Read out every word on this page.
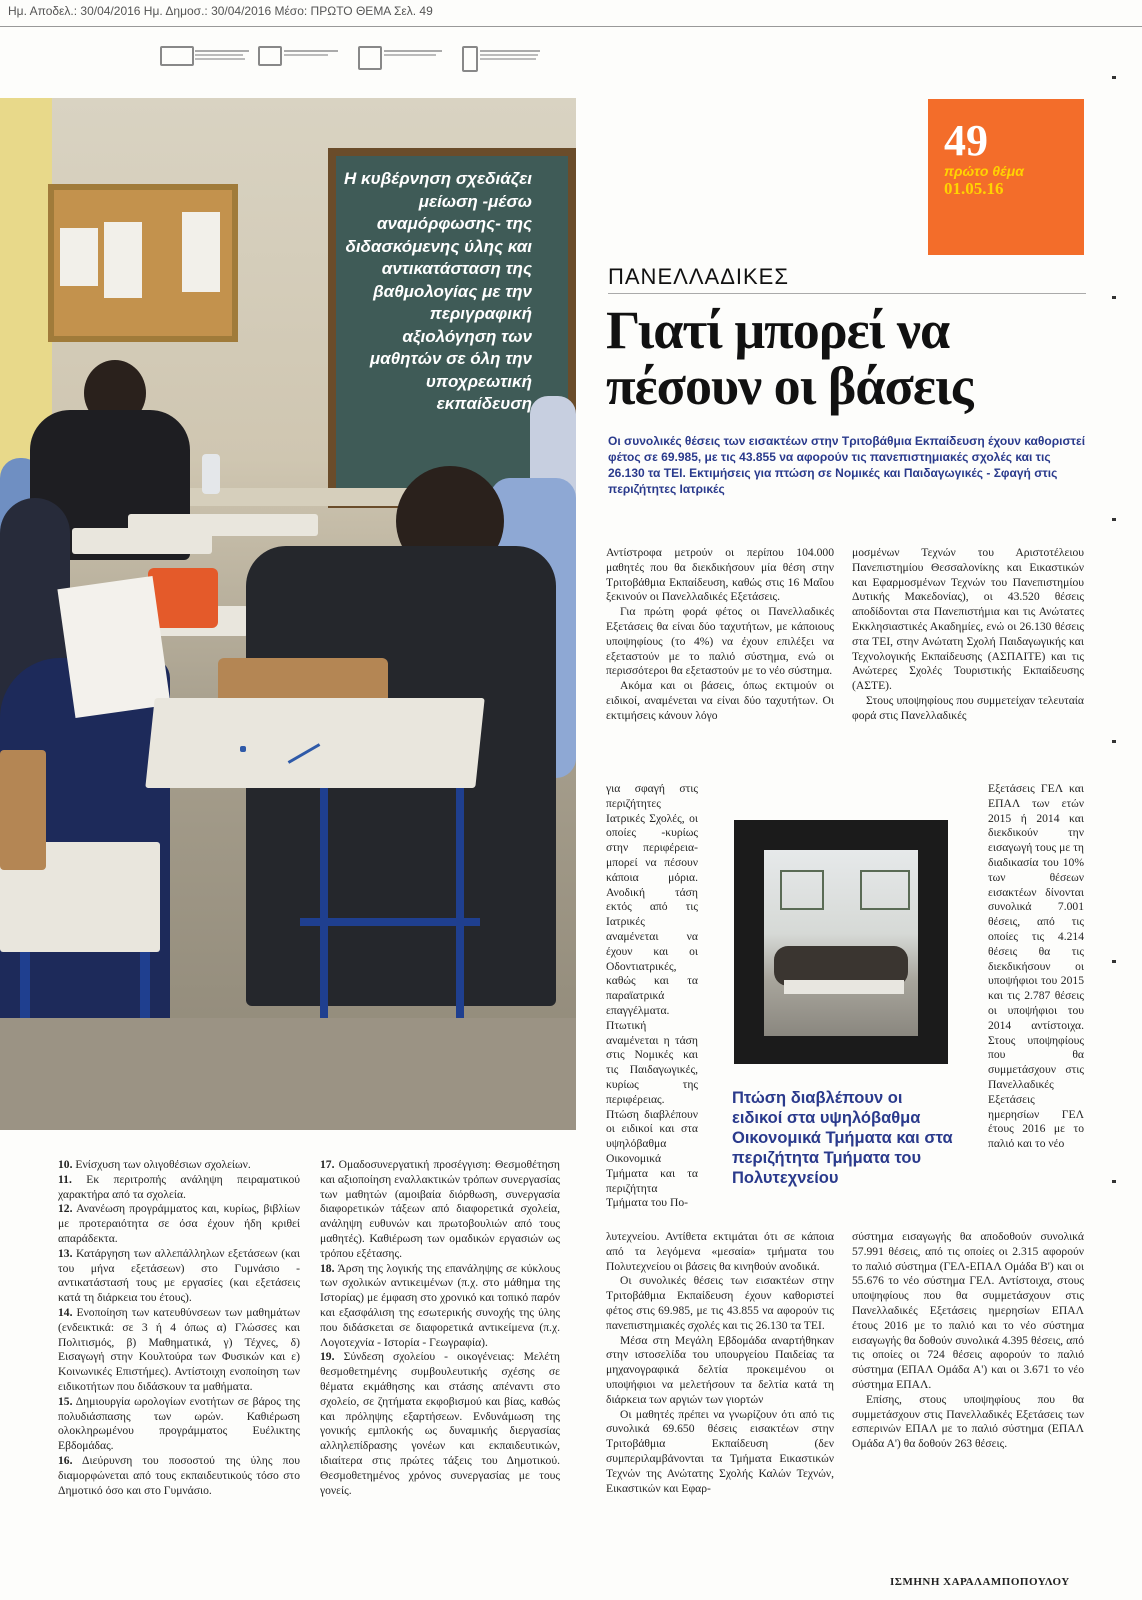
Ημ. Αποδελ.: 30/04/2016 Ημ. Δημοσ.: 30/04/2016 Μέσο: ΠΡΩΤΟ ΘΕΜΑ Σελ. 49
Η κυβέρνηση σχεδιάζει μείωση -μέσω αναμόρφωσης- της διδασκόμενης ύλης και αντικατάσταση της βαθμολογίας με την περιγραφική αξιολόγηση των μαθητών σε όλη την υποχρεωτική εκπαίδευση
49
πρώτο θέμα
01.05.16
ΠΑΝΕΛΛΑΔΙΚΕΣ
Γιατί μπορεί να πέσουν οι βάσεις
Οι συνολικές θέσεις των εισακτέων στην Τριτοβάθμια Εκπαίδευση έχουν καθοριστεί φέτος σε 69.985, με τις 43.855 να αφορούν τις πανεπιστημιακές σχολές και τις 26.130 τα ΤΕΙ. Εκτιμήσεις για πτώση σε Νομικές και Παιδαγωγικές - Σφαγή στις περιζήτητες Ιατρικές

Αντίστροφα μετρούν οι περίπου 104.000 μαθητές που θα διεκδικήσουν μία θέση στην Τριτοβάθμια Εκπαίδευση, καθώς στις 16 Μαΐου ξεκινούν οι Πανελλαδικές Εξετάσεις.

Για πρώτη φορά φέτος οι Πανελλαδικές Εξετάσεις θα είναι δύο ταχυτήτων, με κάποιους υποψηφίους (το 4%) να έχουν επιλέξει να εξεταστούν με το παλιό σύστημα, ενώ οι περισσότεροι θα εξεταστούν με το νέο σύστημα.

Ακόμα και οι βάσεις, όπως εκτιμούν οι ειδικοί, αναμένεται να είναι δύο ταχυτήτων. Οι εκτιμήσεις κάνουν λόγο

για σφαγή στις περιζήτητες Ιατρικές Σχολές, οι οποίες -κυρίως στην περιφέρεια- μπορεί να πέσουν κάποια μόρια. Ανοδική τάση εκτός από τις Ιατρικές αναμένεται να έχουν και οι Οδοντιατρικές, καθώς και τα παραϊατρικά επαγγέλματα. Πτωτική αναμένεται η τάση στις Νομικές και τις Παιδαγωγικές, κυρίως της περιφέρειας. Πτώση διαβλέπουν οι ειδικοί και στα υψηλόβαθμα Οικονομικά Τμήματα και τα περιζήτητα Τμήματα του Πο-

λυτεχνείου. Αντίθετα εκτιμάται ότι σε κάποια από τα λεγόμενα «μεσαία» τμήματα του Πολυτεχνείου οι βάσεις θα κινηθούν ανοδικά.

Οι συνολικές θέσεις των εισακτέων στην Τριτοβάθμια Εκπαίδευση έχουν καθοριστεί φέτος στις 69.985, με τις 43.855 να αφορούν τις πανεπιστημιακές σχολές και τις 26.130 τα ΤΕΙ.

Μέσα στη Μεγάλη Εβδομάδα αναρτήθηκαν στην ιστοσελίδα του υπουργείου Παιδείας τα μηχανογραφικά δελτία προκειμένου οι υποψήφιοι να μελετήσουν τα δελτία κατά τη διάρκεια των αργιών των γιορτών

Οι μαθητές πρέπει να γνωρίζουν ότι από τις συνολικά 69.650 θέσεις εισακτέων στην Τριτοβάθμια Εκπαίδευση (δεν συμπεριλαμβάνονται τα Τμήματα Εικαστικών Τεχνών της Ανώτατης Σχολής Καλών Τεχνών, Εικαστικών και Εφαρ-

μοσμένων Τεχνών του Αριστοτέλειου Πανεπιστημίου Θεσσαλονίκης και Εικαστικών και Εφαρμοσμένων Τεχνών του Πανεπιστημίου Δυτικής Μακεδονίας), οι 43.520 θέσεις αποδίδονται στα Πανεπιστήμια και τις Ανώτατες Εκκλησιαστικές Ακαδημίες, ενώ οι 26.130 θέσεις στα ΤΕΙ, στην Ανώτατη Σχολή Παιδαγωγικής και Τεχνολογικής Εκπαίδευσης (ΑΣΠΑΙΤΕ) και τις Ανώτερες Σχολές Τουριστικής Εκπαίδευσης (ΑΣΤΕ).

Στους υποψηφίους που συμμετείχαν τελευταία φορά στις Πανελλαδικές

Εξετάσεις ΓΕΛ και ΕΠΑΛ των ετών 2015 ή 2014 και διεκδικούν την εισαγωγή τους με τη διαδικασία του 10% των θέσεων εισακτέων δίνονται συνολικά 7.001 θέσεις, από τις οποίες τις 4.214 θέσεις θα τις διεκδικήσουν οι υποψήφιοι του 2015 και τις 2.787 θέσεις οι υποψήφιοι του 2014 αντίστοιχα. Στους υποψηφίους που θα συμμετάσχουν στις Πανελλαδικές Εξετάσεις ημερησίων ΓΕΛ έτους 2016 με το παλιό και το νέο

σύστημα εισαγωγής θα αποδοθούν συνολικά 57.991 θέσεις, από τις οποίες οι 2.315 αφορούν το παλιό σύστημα (ΓΕΛ-ΕΠΑΛ Ομάδα Β') και οι 55.676 το νέο σύστημα ΓΕΛ. Αντίστοιχα, στους υποψηφίους που θα συμμετάσχουν στις Πανελλαδικές Εξετάσεις ημερησίων ΕΠΑΛ έτους 2016 με το παλιό και το νέο σύστημα εισαγωγής θα δοθούν συνολικά 4.395 θέσεις, από τις οποίες οι 724 θέσεις αφορούν το παλιό σύστημα (ΕΠΑΛ Ομάδα Α') και οι 3.671 το νέο σύστημα ΕΠΑΛ.

Επίσης, στους υποψηφίους που θα συμμετάσχουν στις Πανελλαδικές Εξετάσεις των εσπερινών ΕΠΑΛ με το παλιό σύστημα (ΕΠΑΛ Ομάδα Α') θα δοθούν 263 θέσεις.

Πτώση διαβλέπουν οι ειδικοί στα υψηλόβαθμα Οικονομικά Τμήματα και στα περιζήτητα Τμήματα του Πολυτεχνείου

10. Ενίσχυση των ολιγοθέσιων σχολείων.

11. Εκ περιτροπής ανάληψη πειραματικού χαρακτήρα από τα σχολεία.

12. Ανανέωση προγράμματος και, κυρίως, βιβλίων με προτεραιότητα σε όσα έχουν ήδη κριθεί απαράδεκτα.

13. Κατάργηση των αλλεπάλληλων εξετάσεων (και του μήνα εξετάσεων) στο Γυμνάσιο - αντικατάστασή τους με εργασίες (και εξετάσεις κατά τη διάρκεια του έτους).

14. Ενοποίηση των κατευθύνσεων των μαθημάτων (ενδεικτικά: σε 3 ή 4 όπως α) Γλώσσες και Πολιτισμός, β) Μαθηματικά, γ) Τέχνες, δ) Εισαγωγή στην Κουλτούρα των Φυσικών και ε) Κοινωνικές Επιστήμες). Αντίστοιχη ενοποίηση των ειδικοτήτων που διδάσκουν τα μαθήματα.

15. Δημιουργία ωρολογίων ενοτήτων σε βάρος της πολυδιάσπασης των ωρών. Καθιέρωση ολοκληρωμένου προγράμματος Ευέλικτης Εβδομάδας.

16. Διεύρυνση του ποσοστού της ύλης που διαμορφώνεται από τους εκπαιδευτικούς τόσο στο Δημοτικό όσο και στο Γυμνάσιο.

17. Ομαδοσυνεργατική προσέγγιση: Θεσμοθέτηση και αξιοποίηση εναλλακτικών τρόπων συνεργασίας των μαθητών (αμοιβαία διόρθωση, συνεργασία διαφορετικών τάξεων από διαφορετικά σχολεία, ανάληψη ευθυνών και πρωτοβουλιών από τους μαθητές). Καθιέρωση των ομαδικών εργασιών ως τρόπου εξέτασης.

18. Άρση της λογικής της επανάληψης σε κύκλους των σχολικών αντικειμένων (π.χ. στο μάθημα της Ιστορίας) με έμφαση στο χρονικό και τοπικό παρόν και εξασφάλιση της εσωτερικής συνοχής της ύλης που διδάσκεται σε διαφορετικά αντικείμενα (π.χ. Λογοτεχνία - Ιστορία - Γεωγραφία).

19. Σύνδεση σχολείου - οικογένειας: Μελέτη θεσμοθετημένης συμβουλευτικής σχέσης σε θέματα εκμάθησης και στάσης απέναντι στο σχολείο, σε ζητήματα εκφοβισμού και βίας, καθώς και πρόληψης εξαρτήσεων. Ενδυνάμωση της γονικής εμπλοκής ως δυναμικής διεργασίας αλληλεπίδρασης γονέων και εκπαιδευτικών, ιδιαίτερα στις πρώτες τάξεις του Δημοτικού. Θεσμοθετημένος χρόνος συνεργασίας με τους γονείς.

ΙΣΜΗΝΗ ΧΑΡΑΛΑΜΠΟΠΟΥΛΟΥ
